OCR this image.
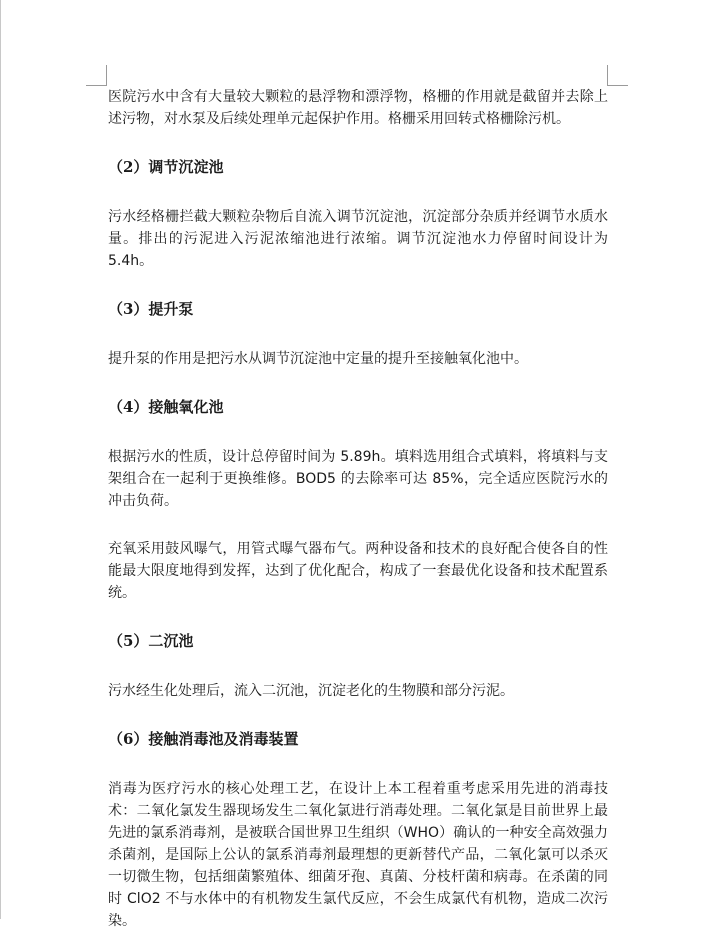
医院污水中含有大量较大颗粒的悬浮物和漂浮物，格栅的作用就是截留并去除上述污物，对水泵及后续处理单元起保护作用。格栅采用回转式格栅除污机。

（2）调节沉淀池

污水经格栅拦截大颗粒杂物后自流入调节沉淀池，沉淀部分杂质并经调节水质水量。排出的污泥进入污泥浓缩池进行浓缩。调节沉淀池水力停留时间设计为 5.4h。

（3）提升泵

提升泵的作用是把污水从调节沉淀池中定量的提升至接触氧化池中。

（4）接触氧化池

根据污水的性质，设计总停留时间为 5.89h。填料选用组合式填料，将填料与支架组合在一起利于更换维修。BOD5 的去除率可达 85%，完全适应医院污水的冲击负荷。

充氧采用鼓风曝气，用管式曝气器布气。两种设备和技术的良好配合使各自的性能最大限度地得到发挥，达到了优化配合，构成了一套最优化设备和技术配置系统。

（5）二沉池

污水经生化处理后，流入二沉池，沉淀老化的生物膜和部分污泥。

（6）接触消毒池及消毒装置

消毒为医疗污水的核心处理工艺，在设计上本工程着重考虑采用先进的消毒技术：二氧化氯发生器现场发生二氧化氯进行消毒处理。二氧化氯是目前世界上最先进的氯系消毒剂，是被联合国世界卫生组织（WHO）确认的一种安全高效强力杀菌剂，是国际上公认的氯系消毒剂最理想的更新替代产品，二氧化氯可以杀灭一切微生物，包括细菌繁殖体、细菌牙孢、真菌、分枝杆菌和病毒。在杀菌的同时 ClO2 不与水体中的有机物发生氯代反应，不会生成氯代有机物，造成二次污染。
